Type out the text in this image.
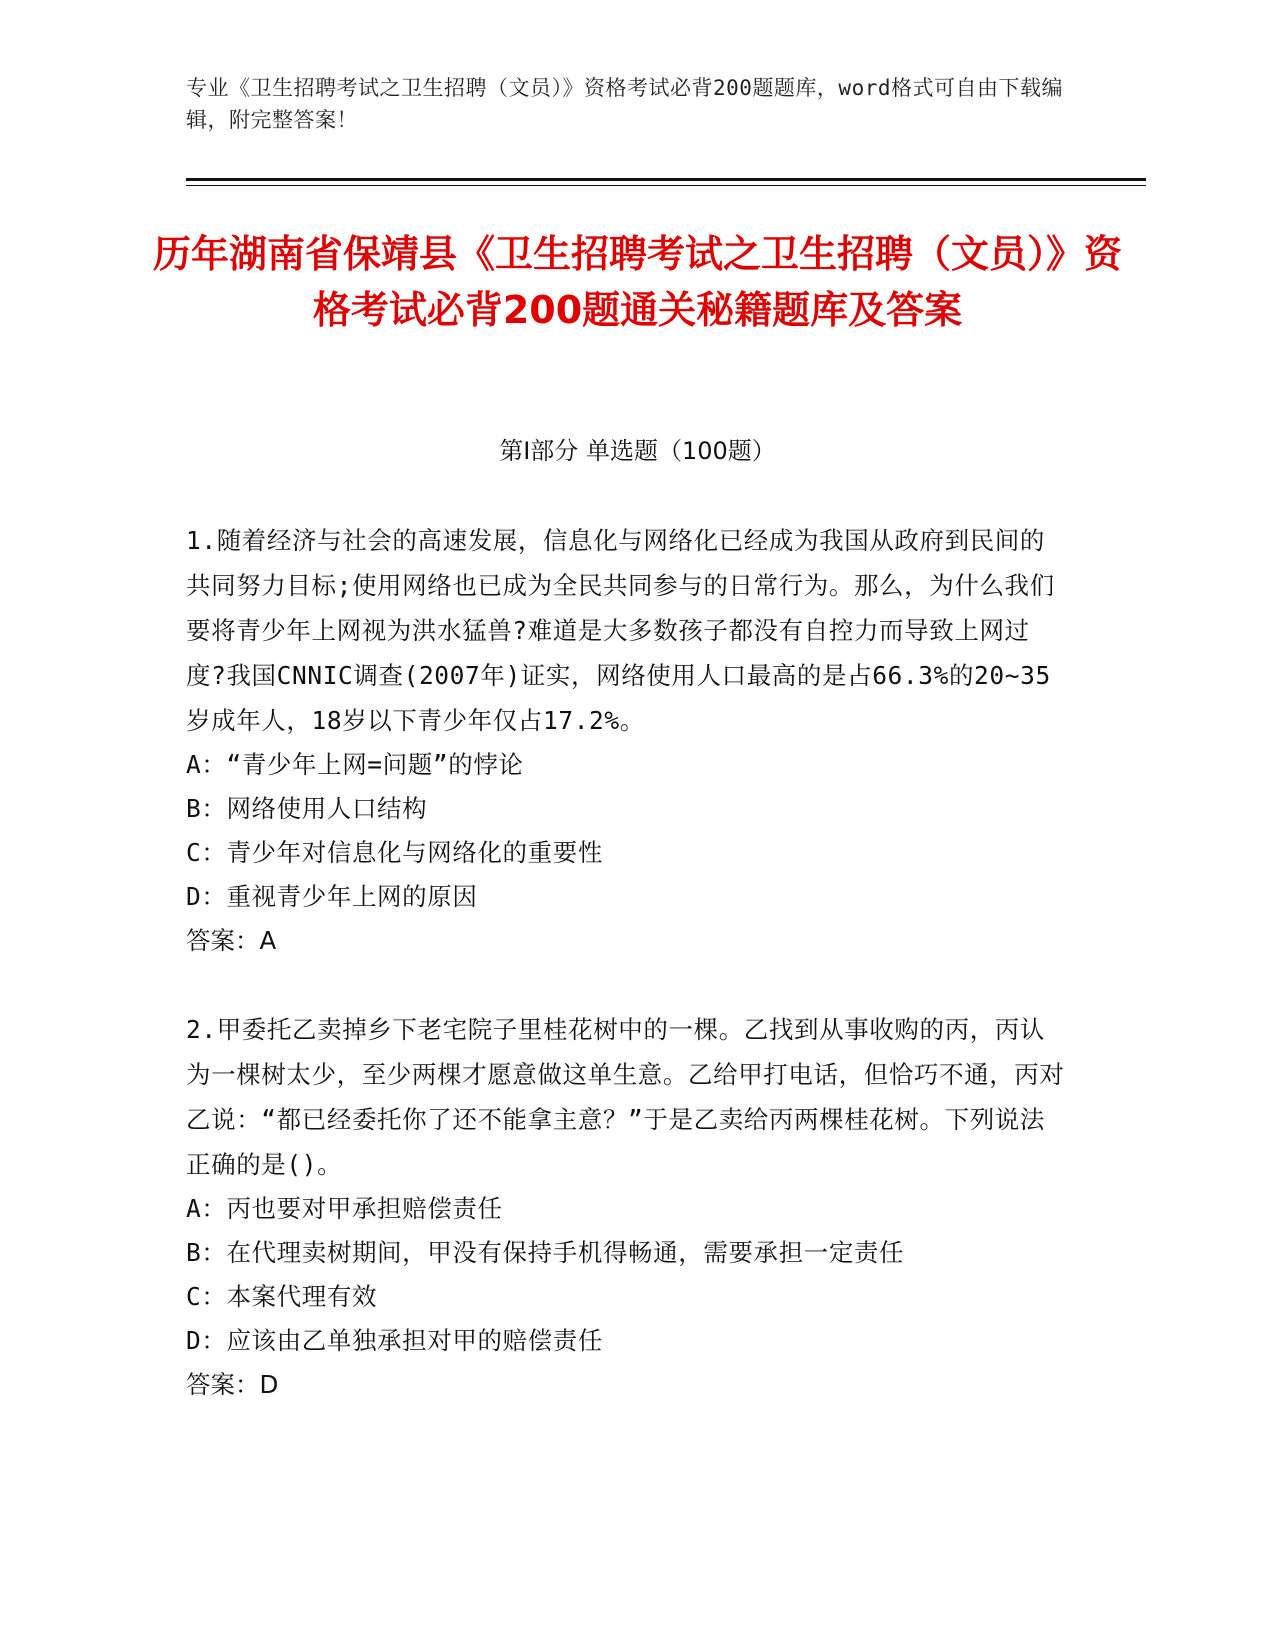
专业《卫生招聘考试之卫生招聘（文员）》资格考试必背200题题库，word格式可自由下载编辑，附完整答案！
历年湖南省保靖县《卫生招聘考试之卫生招聘（文员）》资格考试必背200题通关秘籍题库及答案
第Ⅰ部分 单选题（100题）

1.随着经济与社会的高速发展，信息化与网络化已经成为我国从政府到民间的共同努力目标;使用网络也已成为全民共同参与的日常行为。那么，为什么我们要将青少年上网视为洪水猛兽?难道是大多数孩子都没有自控力而导致上网过度?我国CNNIC调查(2007年)证实，网络使用人口最高的是占66.3%的20~35岁成年人，18岁以下青少年仅占17.2%。

A：“青少年上网=问题”的悖论

B：网络使用人口结构

C：青少年对信息化与网络化的重要性

D：重视青少年上网的原因

答案：A

2.甲委托乙卖掉乡下老宅院子里桂花树中的一棵。乙找到从事收购的丙，丙认为一棵树太少，至少两棵才愿意做这单生意。乙给甲打电话，但恰巧不通，丙对乙说：“都已经委托你了还不能拿主意？”于是乙卖给丙两棵桂花树。下列说法正确的是()。

A：丙也要对甲承担赔偿责任

B：在代理卖树期间，甲没有保持手机得畅通，需要承担一定责任

C：本案代理有效

D：应该由乙单独承担对甲的赔偿责任

答案：D
